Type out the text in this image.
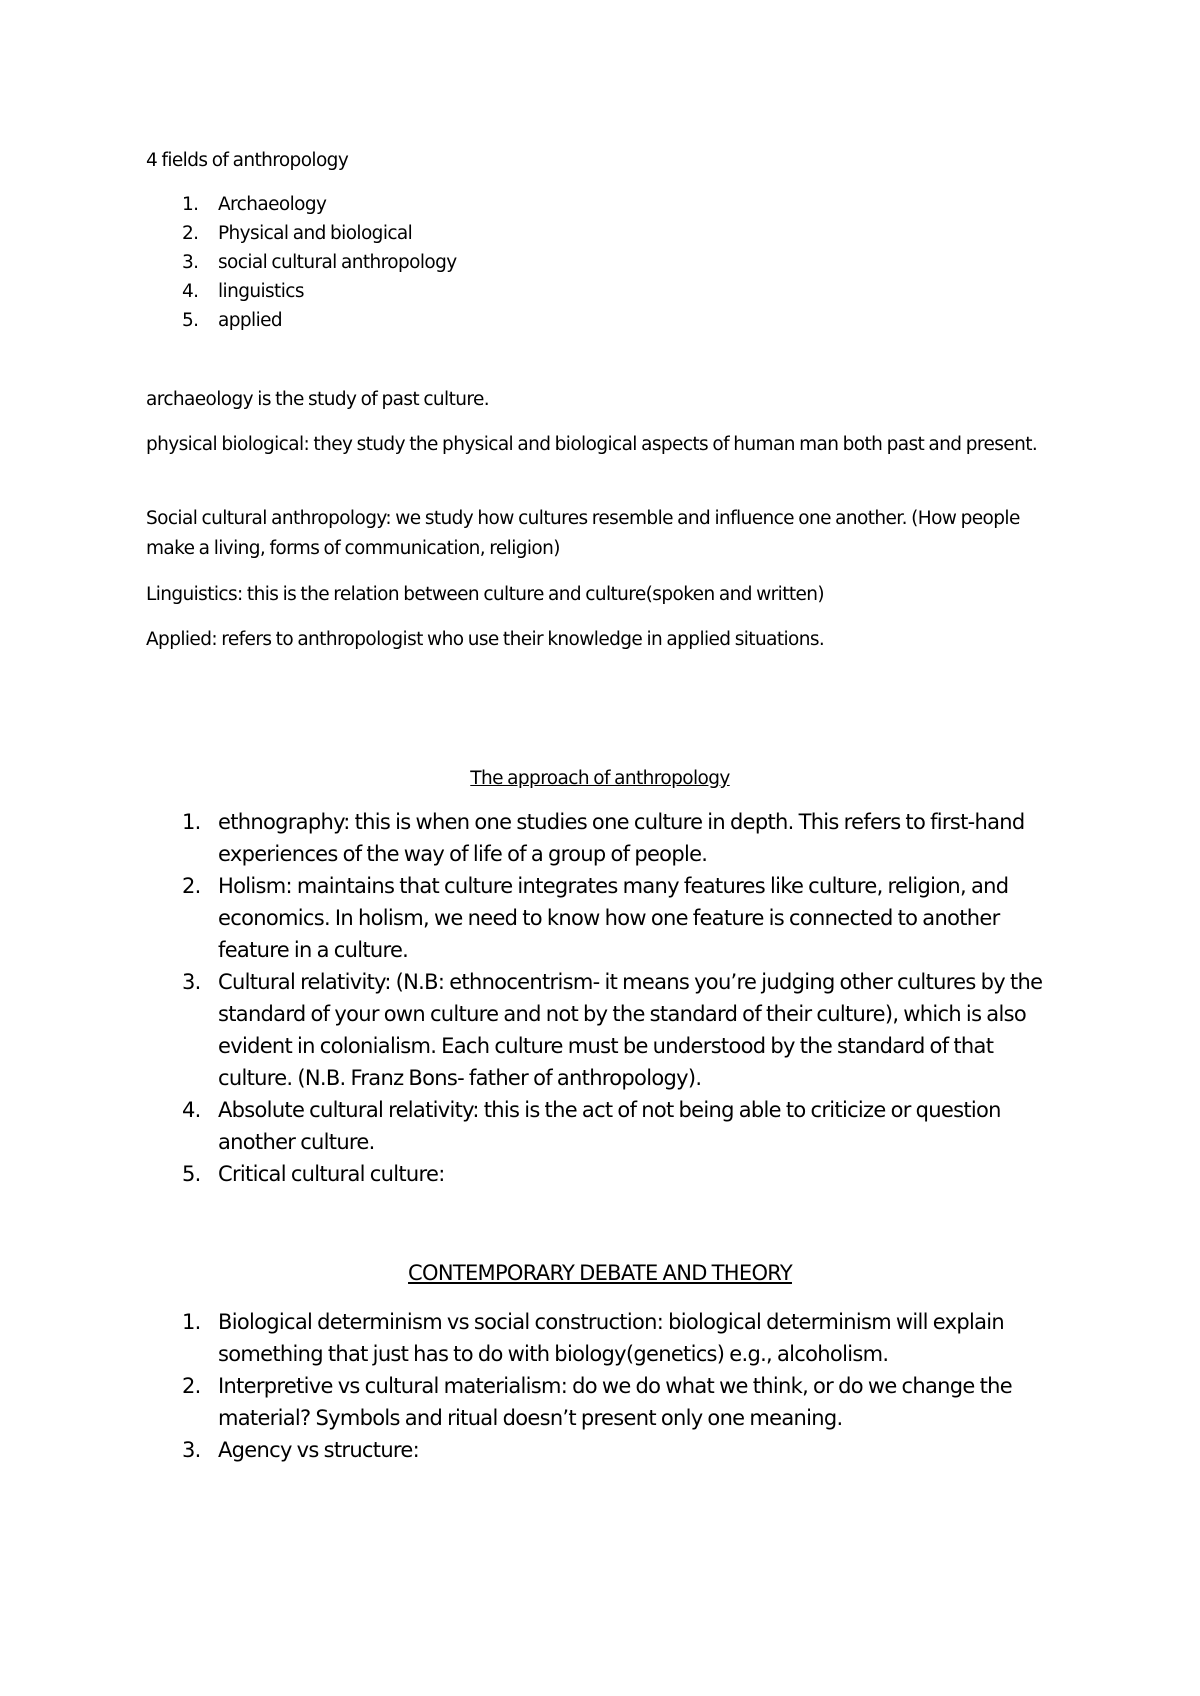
4 fields of anthropology

1. Archaeology
2. Physical and biological
3. social cultural anthropology
4. linguistics
5. applied

archaeology is the study of past culture.

physical biological: they study the physical and biological aspects of human man both past and present.

Social cultural anthropology: we study how cultures resemble and influence one another. (How people make a living, forms of communication, religion)

Linguistics: this is the relation between culture and culture(spoken and written)

Applied: refers to anthropologist who use their knowledge in applied situations.

The approach of anthropology

1. ethnography: this is when one studies one culture in depth. This refers to first-hand experiences of the way of life of a group of people.
2. Holism: maintains that culture integrates many features like culture, religion, and economics. In holism, we need to know how one feature is connected to another feature in a culture.
3. Cultural relativity: (N.B: ethnocentrism- it means you’re judging other cultures by the standard of your own culture and not by the standard of their culture), which is also evident in colonialism. Each culture must be understood by the standard of that culture. (N.B. Franz Bons- father of anthropology).
4. Absolute cultural relativity: this is the act of not being able to criticize or question another culture.
5. Critical cultural culture:

CONTEMPORARY DEBATE AND THEORY

1. Biological determinism vs social construction: biological determinism will explain something that just has to do with biology(genetics) e.g., alcoholism.
2. Interpretive vs cultural materialism: do we do what we think, or do we change the material? Symbols and ritual doesn’t present only one meaning.
3. Agency vs structure:
